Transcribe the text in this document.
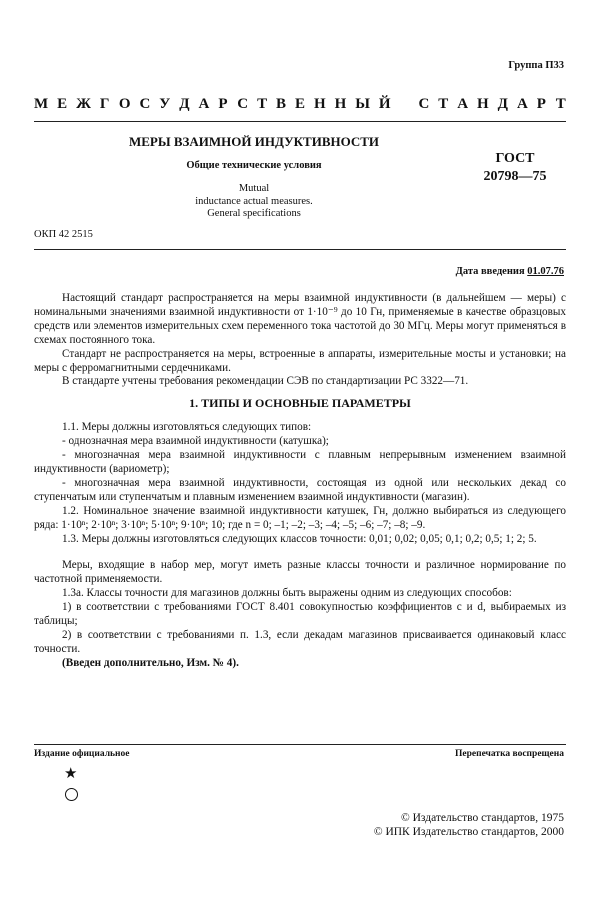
Группа П33
М Е Ж Г О С У Д А Р С Т В Е Н Н Ы Й С Т А Н Д А Р Т
МЕРЫ ВЗАИМНОЙ ИНДУКТИВНОСТИ
Общие технические условия	ГОСТ
20798—75
Mutual
inductance actual measures.
General specifications
ОКП 42 2515
Дата введения 01.07.76

Настоящий стандарт распространяется на меры взаимной индуктивности (в дальнейшем — меры) с номинальными значениями взаимной индуктивности от 1·10⁻⁹ до 10 Гн, применяемые в качестве образцовых средств или элементов измерительных схем переменного тока частотой до 30 МГц. Меры могут применяться в схемах постоянного тока.

Стандарт не распространяется на меры, встроенные в аппараты, измерительные мосты и установки; на меры с ферромагнитными сердечниками.

В стандарте учтены требования рекомендации СЭВ по стандартизации РС 3322—71.

1. ТИПЫ И ОСНОВНЫЕ ПАРАМЕТРЫ

1.1. Меры должны изготовляться следующих типов:

- однозначная мера взаимной индуктивности (катушка);

- многозначная мера взаимной индуктивности с плавным непрерывным изменением взаимной индуктивности (вариометр);

- многозначная мера взаимной индуктивности, состоящая из одной или нескольких декад со ступенчатым или ступенчатым и плавным изменением взаимной индуктивности (магазин).

1.2. Номинальное значение взаимной индуктивности катушек, Гн, должно выбираться из следующего ряда: 1·10ⁿ; 2·10ⁿ; 3·10ⁿ; 5·10ⁿ; 9·10ⁿ; 10; где n = 0; –1; –2; –3; –4; –5; –6; –7; –8; –9.

1.3. Меры должны изготовляться следующих классов точности: 0,01; 0,02; 0,05; 0,1; 0,2; 0,5; 1; 2; 5.

Меры, входящие в набор мер, могут иметь разные классы точности и различное нормирование по частотной применяемости.

1.3а. Классы точности для магазинов должны быть выражены одним из следующих способов:

1) в соответствии с требованиями ГОСТ 8.401 совокупностью коэффициентов c и d, выбираемых из таблицы;

2) в соответствии с требованиями п. 1.3, если декадам магазинов присваивается одинаковый класс точности.

(Введен дополнительно, Изм. № 4).

Издание официальное	Перепечатка воспрещена
★
© Издательство стандартов, 1975
© ИПК Издательство стандартов, 2000
